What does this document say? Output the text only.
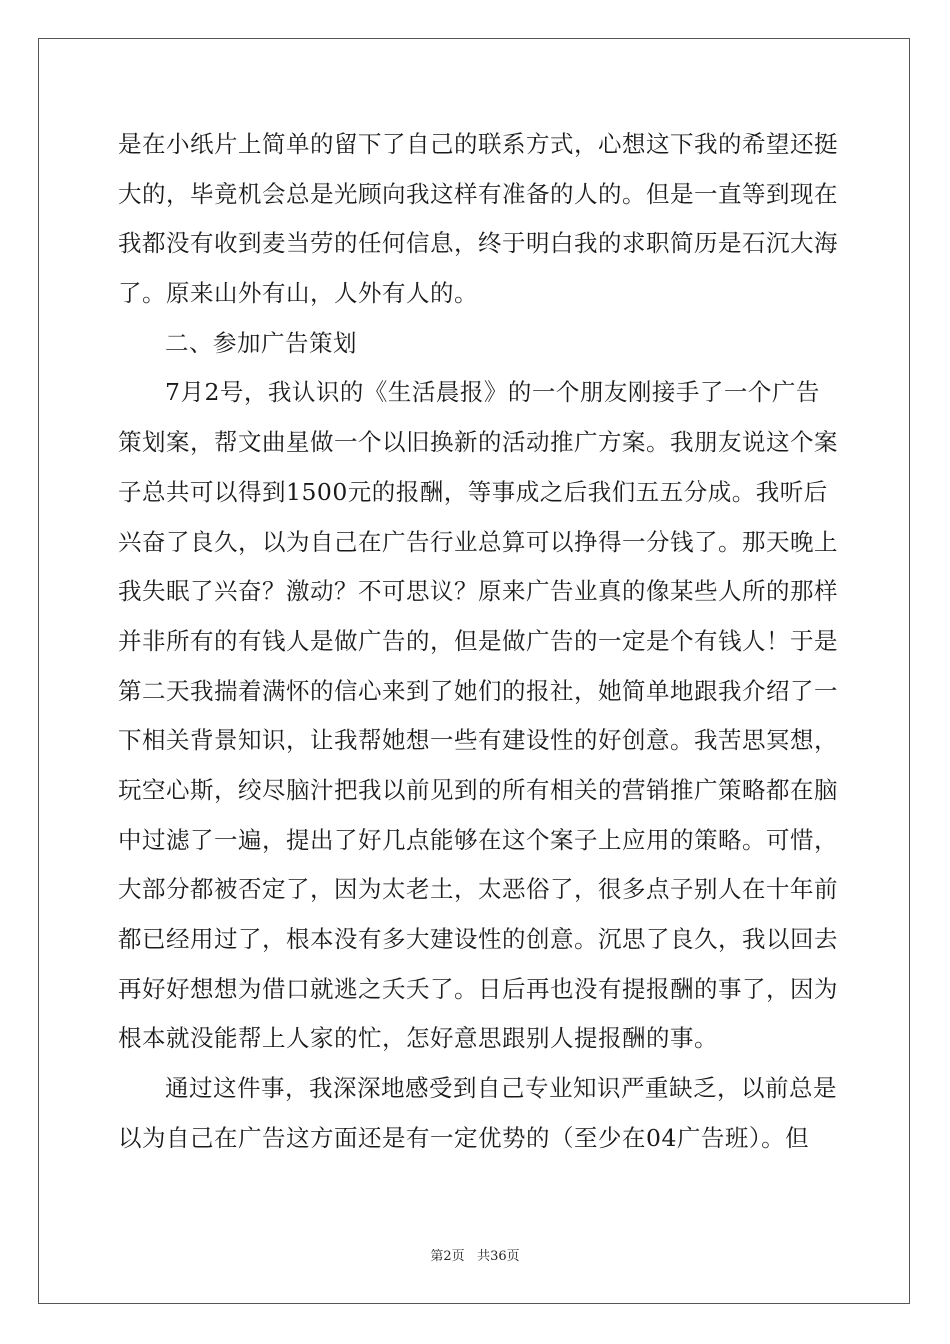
是在小纸片上简单的留下了自己的联系方式，心想这下我的希望还挺
大的，毕竟机会总是光顾向我这样有准备的人的。但是一直等到现在
我都没有收到麦当劳的任何信息，终于明白我的求职简历是石沉大海
了。原来山外有山，人外有人的。
二、参加广告策划
7月2号，我认识的《生活晨报》的一个朋友刚接手了一个广告
策划案，帮文曲星做一个以旧换新的活动推广方案。我朋友说这个案
子总共可以得到1500元的报酬，等事成之后我们五五分成。我听后
兴奋了良久，以为自己在广告行业总算可以挣得一分钱了。那天晚上
我失眠了兴奋？激动？不可思议？原来广告业真的像某些人所的那样
并非所有的有钱人是做广告的，但是做广告的一定是个有钱人！于是
第二天我揣着满怀的信心来到了她们的报社，她简单地跟我介绍了一
下相关背景知识，让我帮她想一些有建设性的好创意。我苦思冥想，
玩空心斯，绞尽脑汁把我以前见到的所有相关的营销推广策略都在脑
中过滤了一遍，提出了好几点能够在这个案子上应用的策略。可惜，
大部分都被否定了，因为太老土，太恶俗了，很多点子别人在十年前
都已经用过了，根本没有多大建设性的创意。沉思了良久，我以回去
再好好想想为借口就逃之夭夭了。日后再也没有提报酬的事了，因为
根本就没能帮上人家的忙，怎好意思跟别人提报酬的事。
通过这件事，我深深地感受到自己专业知识严重缺乏，以前总是
以为自己在广告这方面还是有一定优势的（至少在04广告班）。但
第2页 共36页
